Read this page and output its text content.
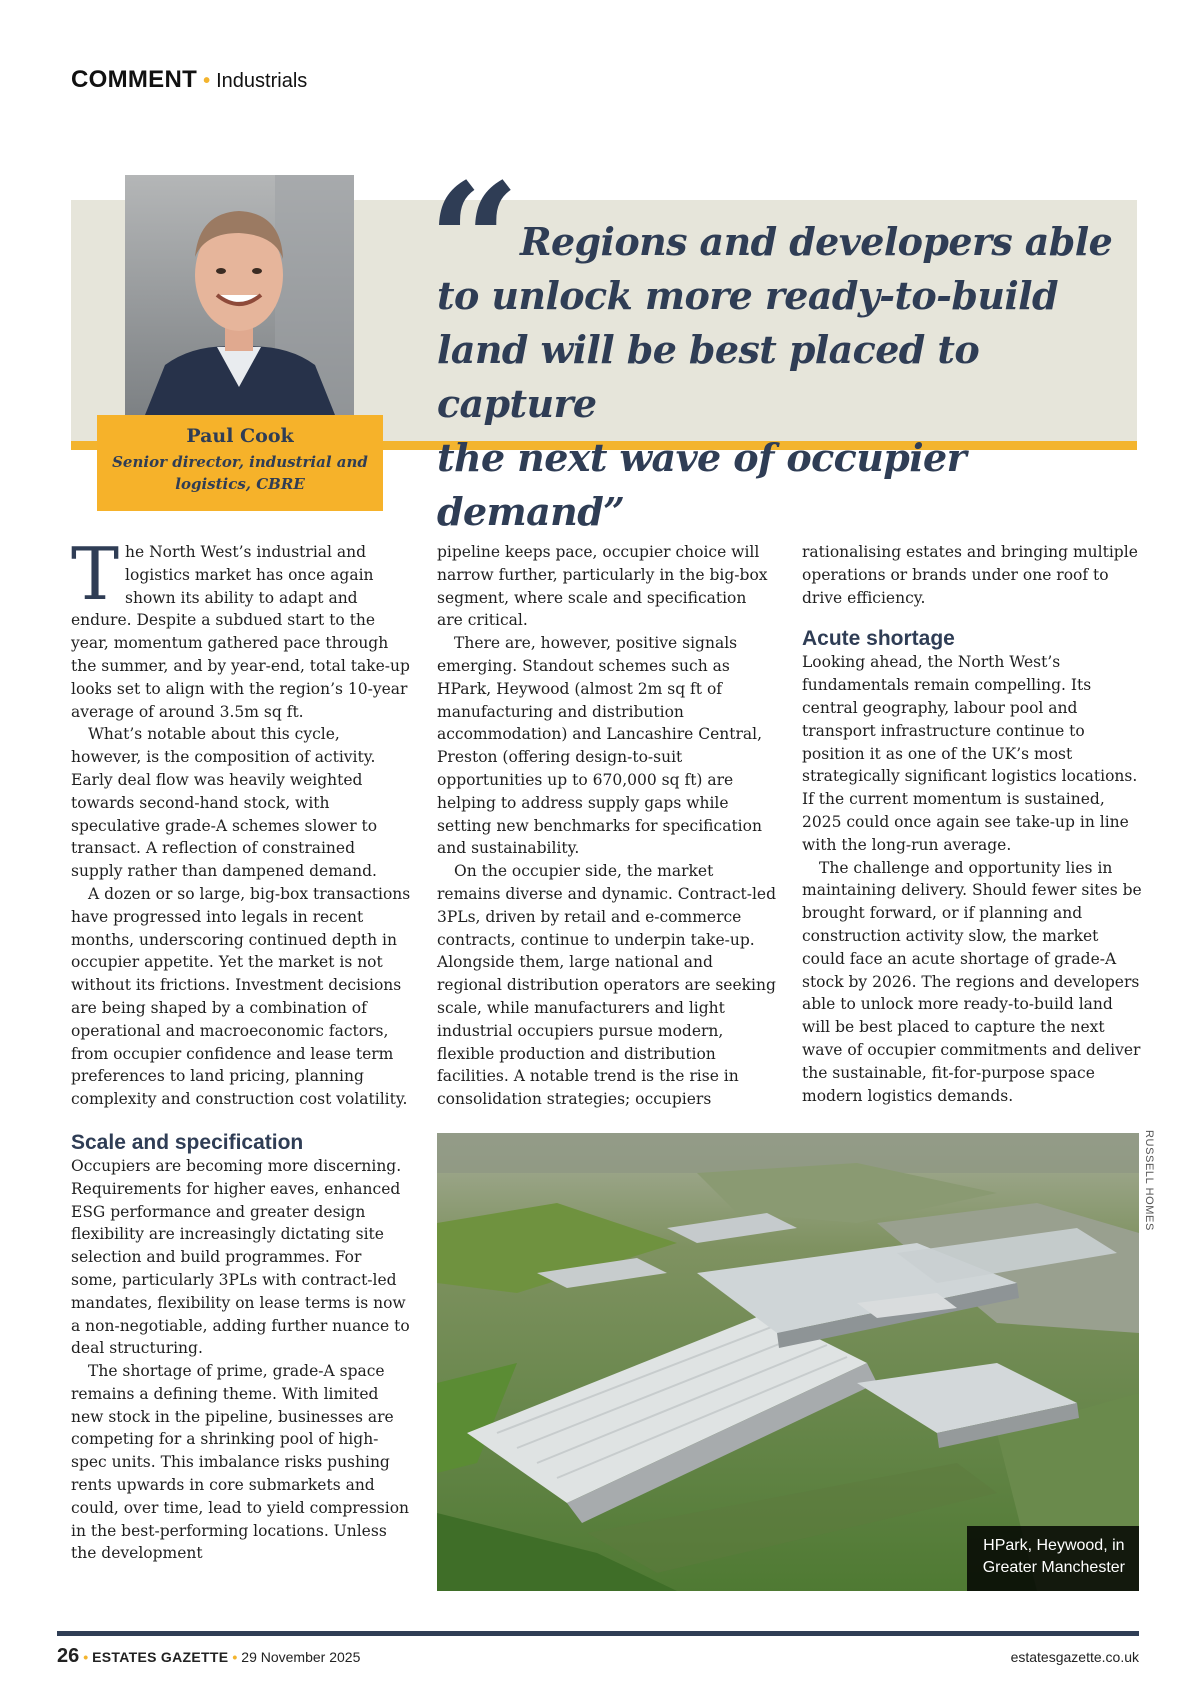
COMMENT • Industrials
Paul Cook
Senior director, industrial and logistics, CBRE
“ Regions and developers able
to unlock more ready-to-build
land will be best placed to capture
the next wave of occupier demand”

The North West’s industrial and logistics market has once again shown its ability to adapt and endure. Despite a subdued start to the year, momentum gathered pace through the summer, and by year-end, total take-up looks set to align with the region’s 10-year average of around 3.5m sq ft.

What’s notable about this cycle, however, is the composition of activity. Early deal flow was heavily weighted towards second-hand stock, with speculative grade-A schemes slower to transact. A reflection of constrained supply rather than dampened demand.

A dozen or so large, big-box transactions have progressed into legals in recent months, underscoring continued depth in occupier appetite. Yet the market is not without its frictions. Investment decisions are being shaped by a combination of operational and macroeconomic factors, from occupier confidence and lease term preferences to land pricing, planning complexity and construction cost volatility.

Scale and specification

Occupiers are becoming more discerning. Requirements for higher eaves, enhanced ESG performance and greater design flexibility are increasingly dictating site selection and build programmes. For some, particularly 3PLs with contract-led mandates, flexibility on lease terms is now a non-negotiable, adding further nuance to deal structuring.

The shortage of prime, grade-A space remains a defining theme. With limited new stock in the pipeline, businesses are competing for a shrinking pool of high-spec units. This imbalance risks pushing rents upwards in core submarkets and could, over time, lead to yield compression in the best-performing locations. Unless the development

pipeline keeps pace, occupier choice will narrow further, particularly in the big-box segment, where scale and specification are critical.

There are, however, positive signals emerging. Standout schemes such as HPark, Heywood (almost 2m sq ft of manufacturing and distribution accommodation) and Lancashire Central, Preston (offering design-to-suit opportunities up to 670,000 sq ft) are helping to address supply gaps while setting new benchmarks for specification and sustainability.

On the occupier side, the market remains diverse and dynamic. Contract-led 3PLs, driven by retail and e-commerce contracts, continue to underpin take-up. Alongside them, large national and regional distribution operators are seeking scale, while manufacturers and light industrial occupiers pursue modern, flexible production and distribution facilities. A notable trend is the rise in consolidation strategies; occupiers

rationalising estates and bringing multiple operations or brands under one roof to drive efficiency.

Acute shortage

Looking ahead, the North West’s fundamentals remain compelling. Its central geography, labour pool and transport infrastructure continue to position it as one of the UK’s most strategically significant logistics locations. If the current momentum is sustained, 2025 could once again see take-up in line with the long-run average.

The challenge and opportunity lies in maintaining delivery. Should fewer sites be brought forward, or if planning and construction activity slow, the market could face an acute shortage of grade-A stock by 2026. The regions and developers able to unlock more ready-to-build land will be best placed to capture the next wave of occupier commitments and deliver the sustainable, fit-for-purpose space modern logistics demands.

HPark, Heywood, in
Greater Manchester
RUSSELL HOMES
26 • ESTATES GAZETTE • 29 November 2025	estatesgazette.co.uk
